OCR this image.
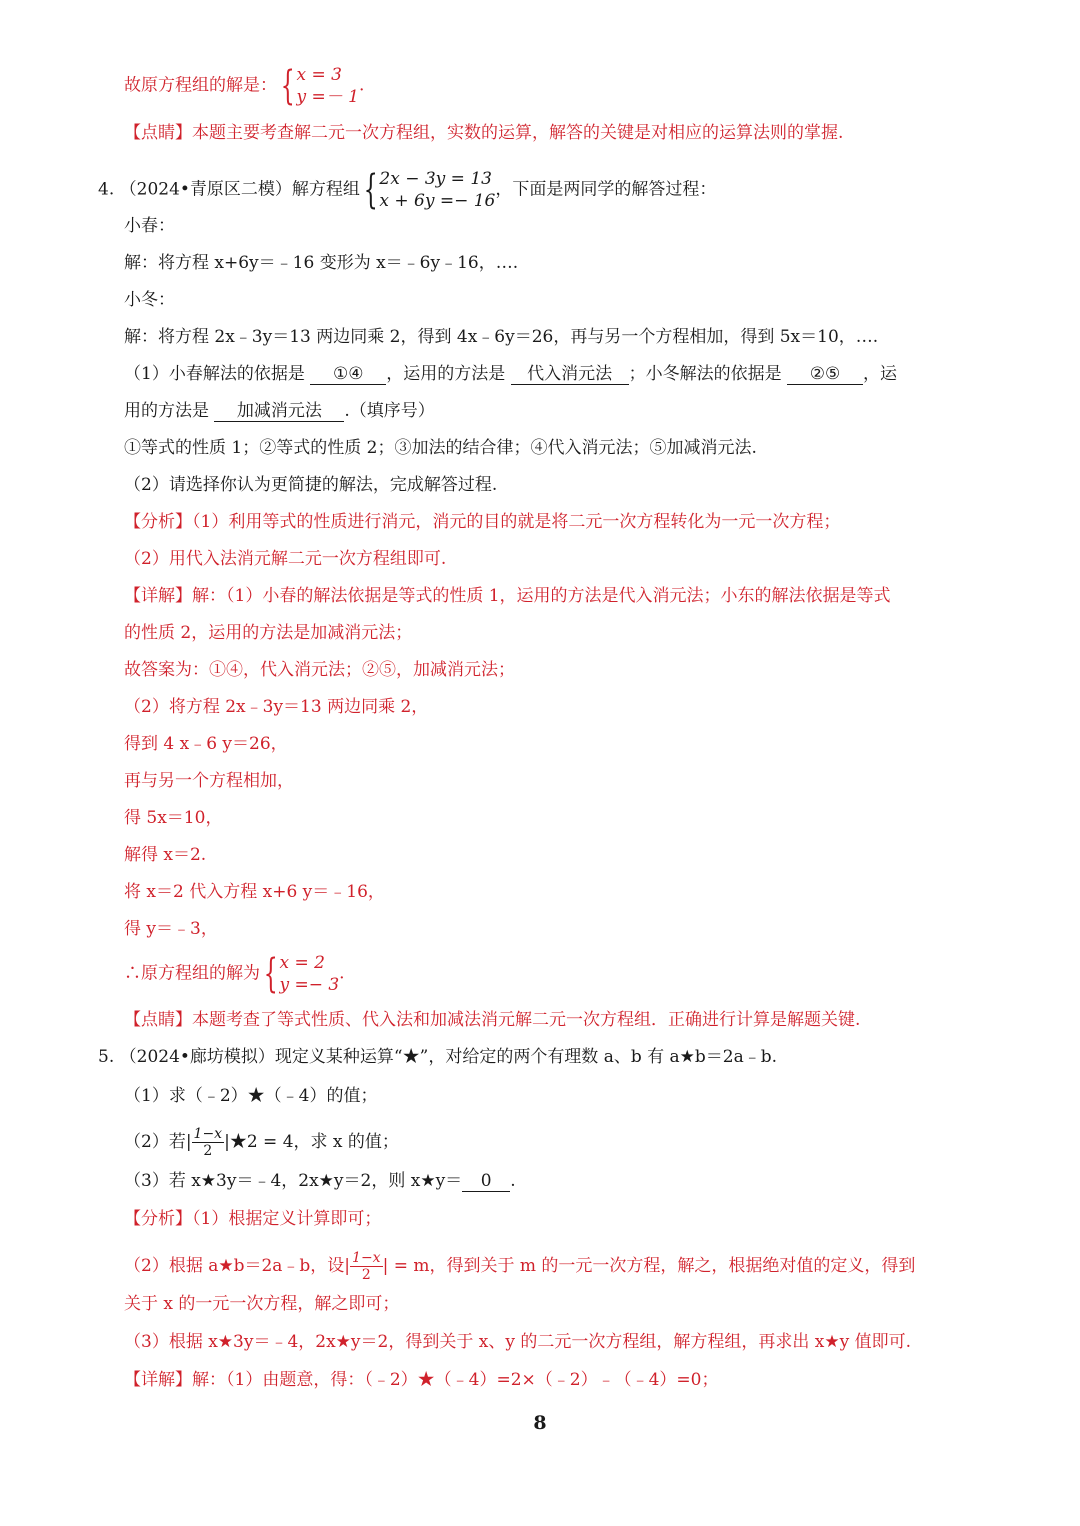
故原方程组的解是： { x = 3
y =－ 1
.
【点睛】本题主要考查解二元一次方程组，实数的运算，解答的关键是对相应的运算法则的掌握.
4. （2024•青原区二模）解方程组 { 2x − 3y = 13
x + 6y =− 16
，下面是两同学的解答过程：
小春：
解：将方程 x+6y＝﹣16 变形为 x＝﹣6y﹣16，….
小冬：
解：将方程 2x﹣3y＝13 两边同乘 2，得到 4x﹣6y＝26，再与另一个方程相加，得到 5x＝10，….
（1）小春解法的依据是 ①④ ，运用的方法是 代入消元法 ；小冬解法的依据是 ②⑤ ，运
用的方法是 加减消元法 .（填序号）
①等式的性质 1；②等式的性质 2；③加法的结合律；④代入消元法；⑤加减消元法.
（2）请选择你认为更简捷的解法，完成解答过程.
【分析】（1）利用等式的性质进行消元，消元的目的就是将二元一次方程转化为一元一次方程；
（2）用代入法消元解二元一次方程组即可.
【详解】解：（1）小春的解法依据是等式的性质 1，运用的方法是代入消元法；小东的解法依据是等式
的性质 2，运用的方法是加减消元法；
故答案为：①④，代入消元法；②⑤，加减消元法；
（2）将方程 2x﹣3y＝13 两边同乘 2，
得到 4 x﹣6 y＝26，
再与另一个方程相加，
得 5x＝10，
解得 x＝2.
将 x＝2 代入方程 x+6 y＝﹣16，
得 y＝﹣3，
∴原方程组的解为 { x = 2
y =− 3
.
【点睛】本题考查了等式性质、代入法和加减法消元解二元一次方程组．正确进行计算是解题关键.
5. （2024•廊坊模拟）现定义某种运算“★”，对给定的两个有理数 a、b 有 a★b＝2a﹣b.
（1）求（﹣2）★（﹣4）的值；
（2）若| $\frac{1-x}{2}$ |★2 = 4，求 x 的值；
（3）若 x★3y＝﹣4，2x★y＝2，则 x★y＝ 0 .
【分析】（1）根据定义计算即可；
（2）根据 a★b＝2a﹣b，设| $\frac{1-x}{2}$ | = m，得到关于 m 的一元一次方程，解之，根据绝对值的定义，得到
关于 x 的一元一次方程，解之即可；
（3）根据 x★3y＝﹣4，2x★y＝2，得到关于 x、y 的二元一次方程组，解方程组，再求出 x★y 值即可.
【详解】解：（1）由题意，得：（﹣2）★（﹣4）=2×（﹣2）﹣（﹣4）=0；
8
